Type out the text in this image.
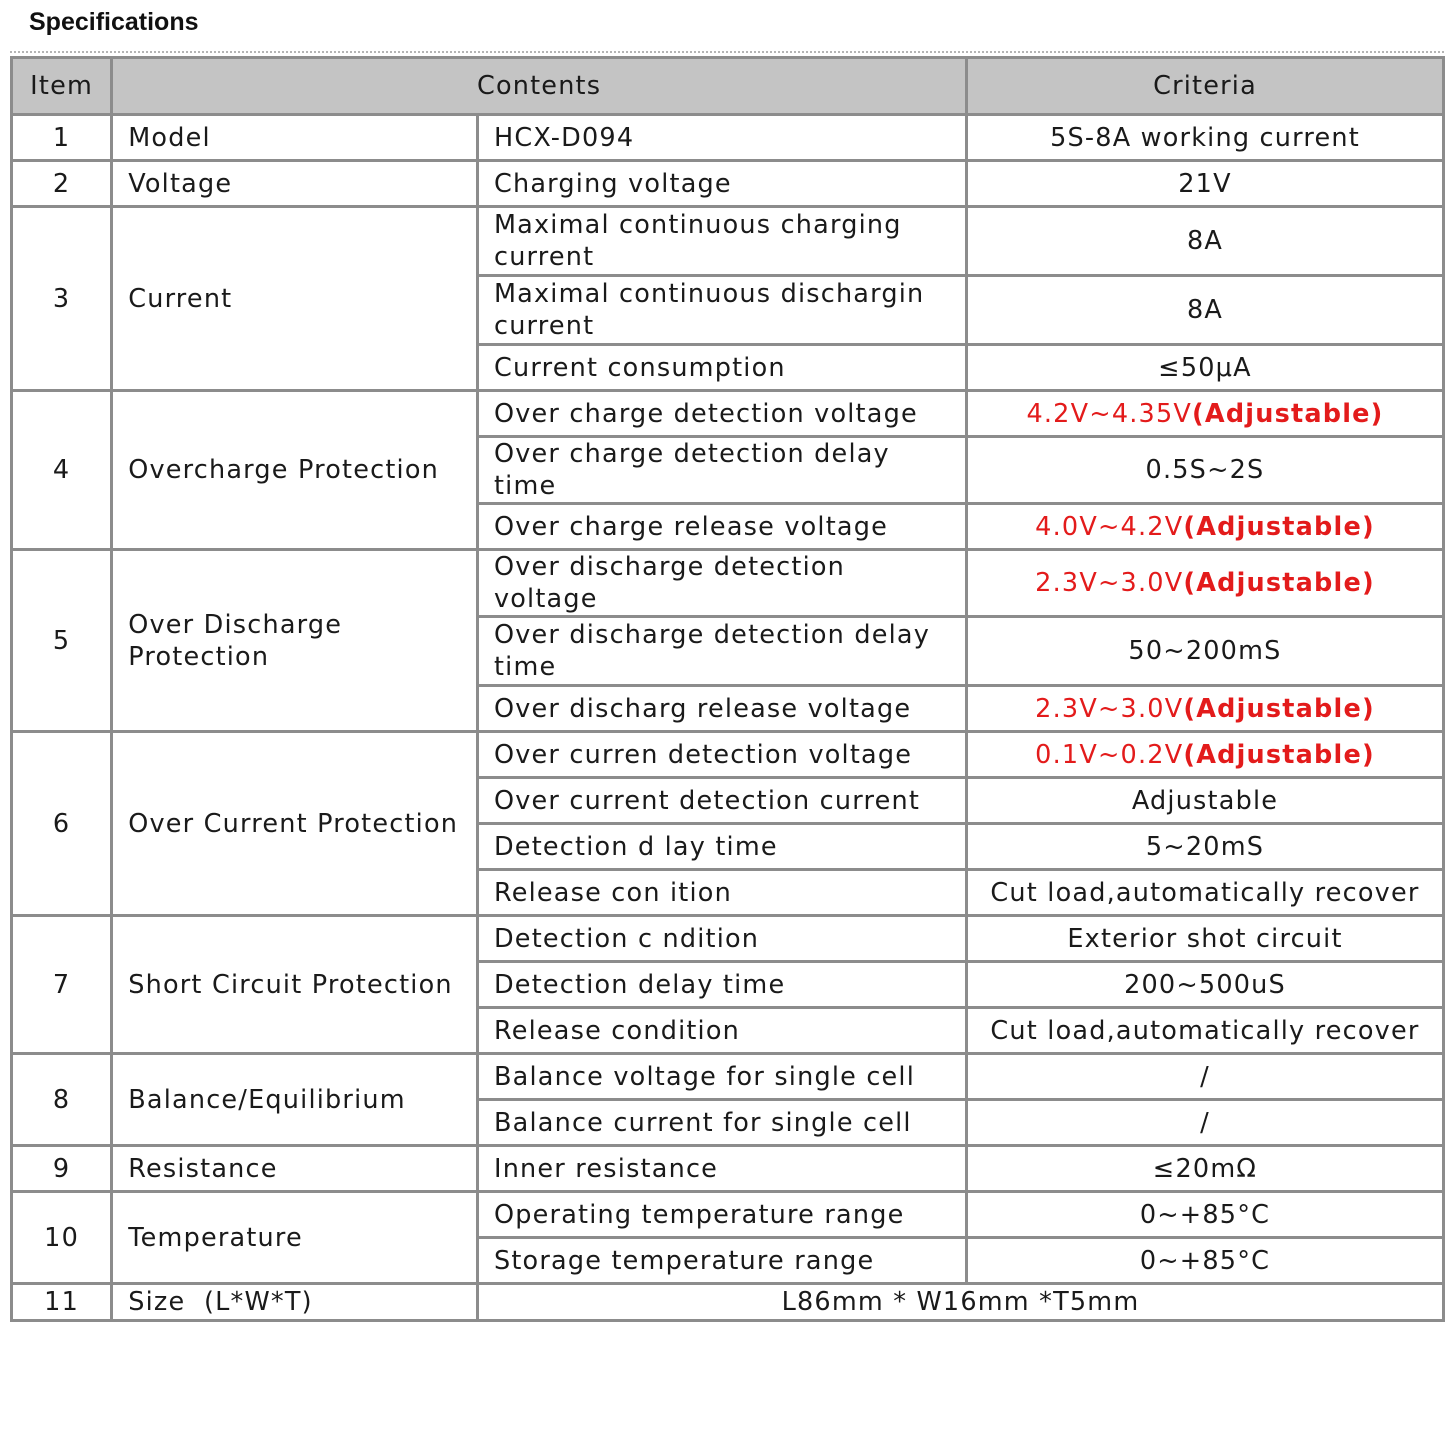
Specifications
Item	Contents		Criteria
1	Model	HCX-D094	5S-8A working current
2	Voltage	Charging voltage	21V
3	Current	Maximal continuous charging current	8A
		Maximal continuous dischargin current	8A
		Current consumption	≤50μA
4	Overcharge Protection	Over charge detection voltage	4.2V~4.35V(Adjustable)
		Over charge detection delay time	0.5S~2S
		Over charge release voltage	4.0V~4.2V(Adjustable)
5	Over Discharge Protection	Over discharge detection voltage	2.3V~3.0V(Adjustable)
		Over discharge detection delay time	50~200mS
		Over discharg release voltage	2.3V~3.0V(Adjustable)
6	Over Current Protection	Over curren detection voltage	0.1V~0.2V(Adjustable)
		Over current detection current	Adjustable
		Detection d lay time	5~20mS
		Release con ition	Cut load,automatically recover
7	Short Circuit Protection	Detection c ndition	Exterior shot circuit
		Detection delay time	200~500uS
		Release condition	Cut load,automatically recover
8	Balance/Equilibrium	Balance voltage for single cell	/
		Balance current for single cell	/
9	Resistance	Inner resistance	≤20mΩ
10	Temperature	Operating temperature range	0~+85°C
		Storage temperature range	0~+85°C
11	Size  (L*W*T)	L86mm * W16mm *T5mm	
